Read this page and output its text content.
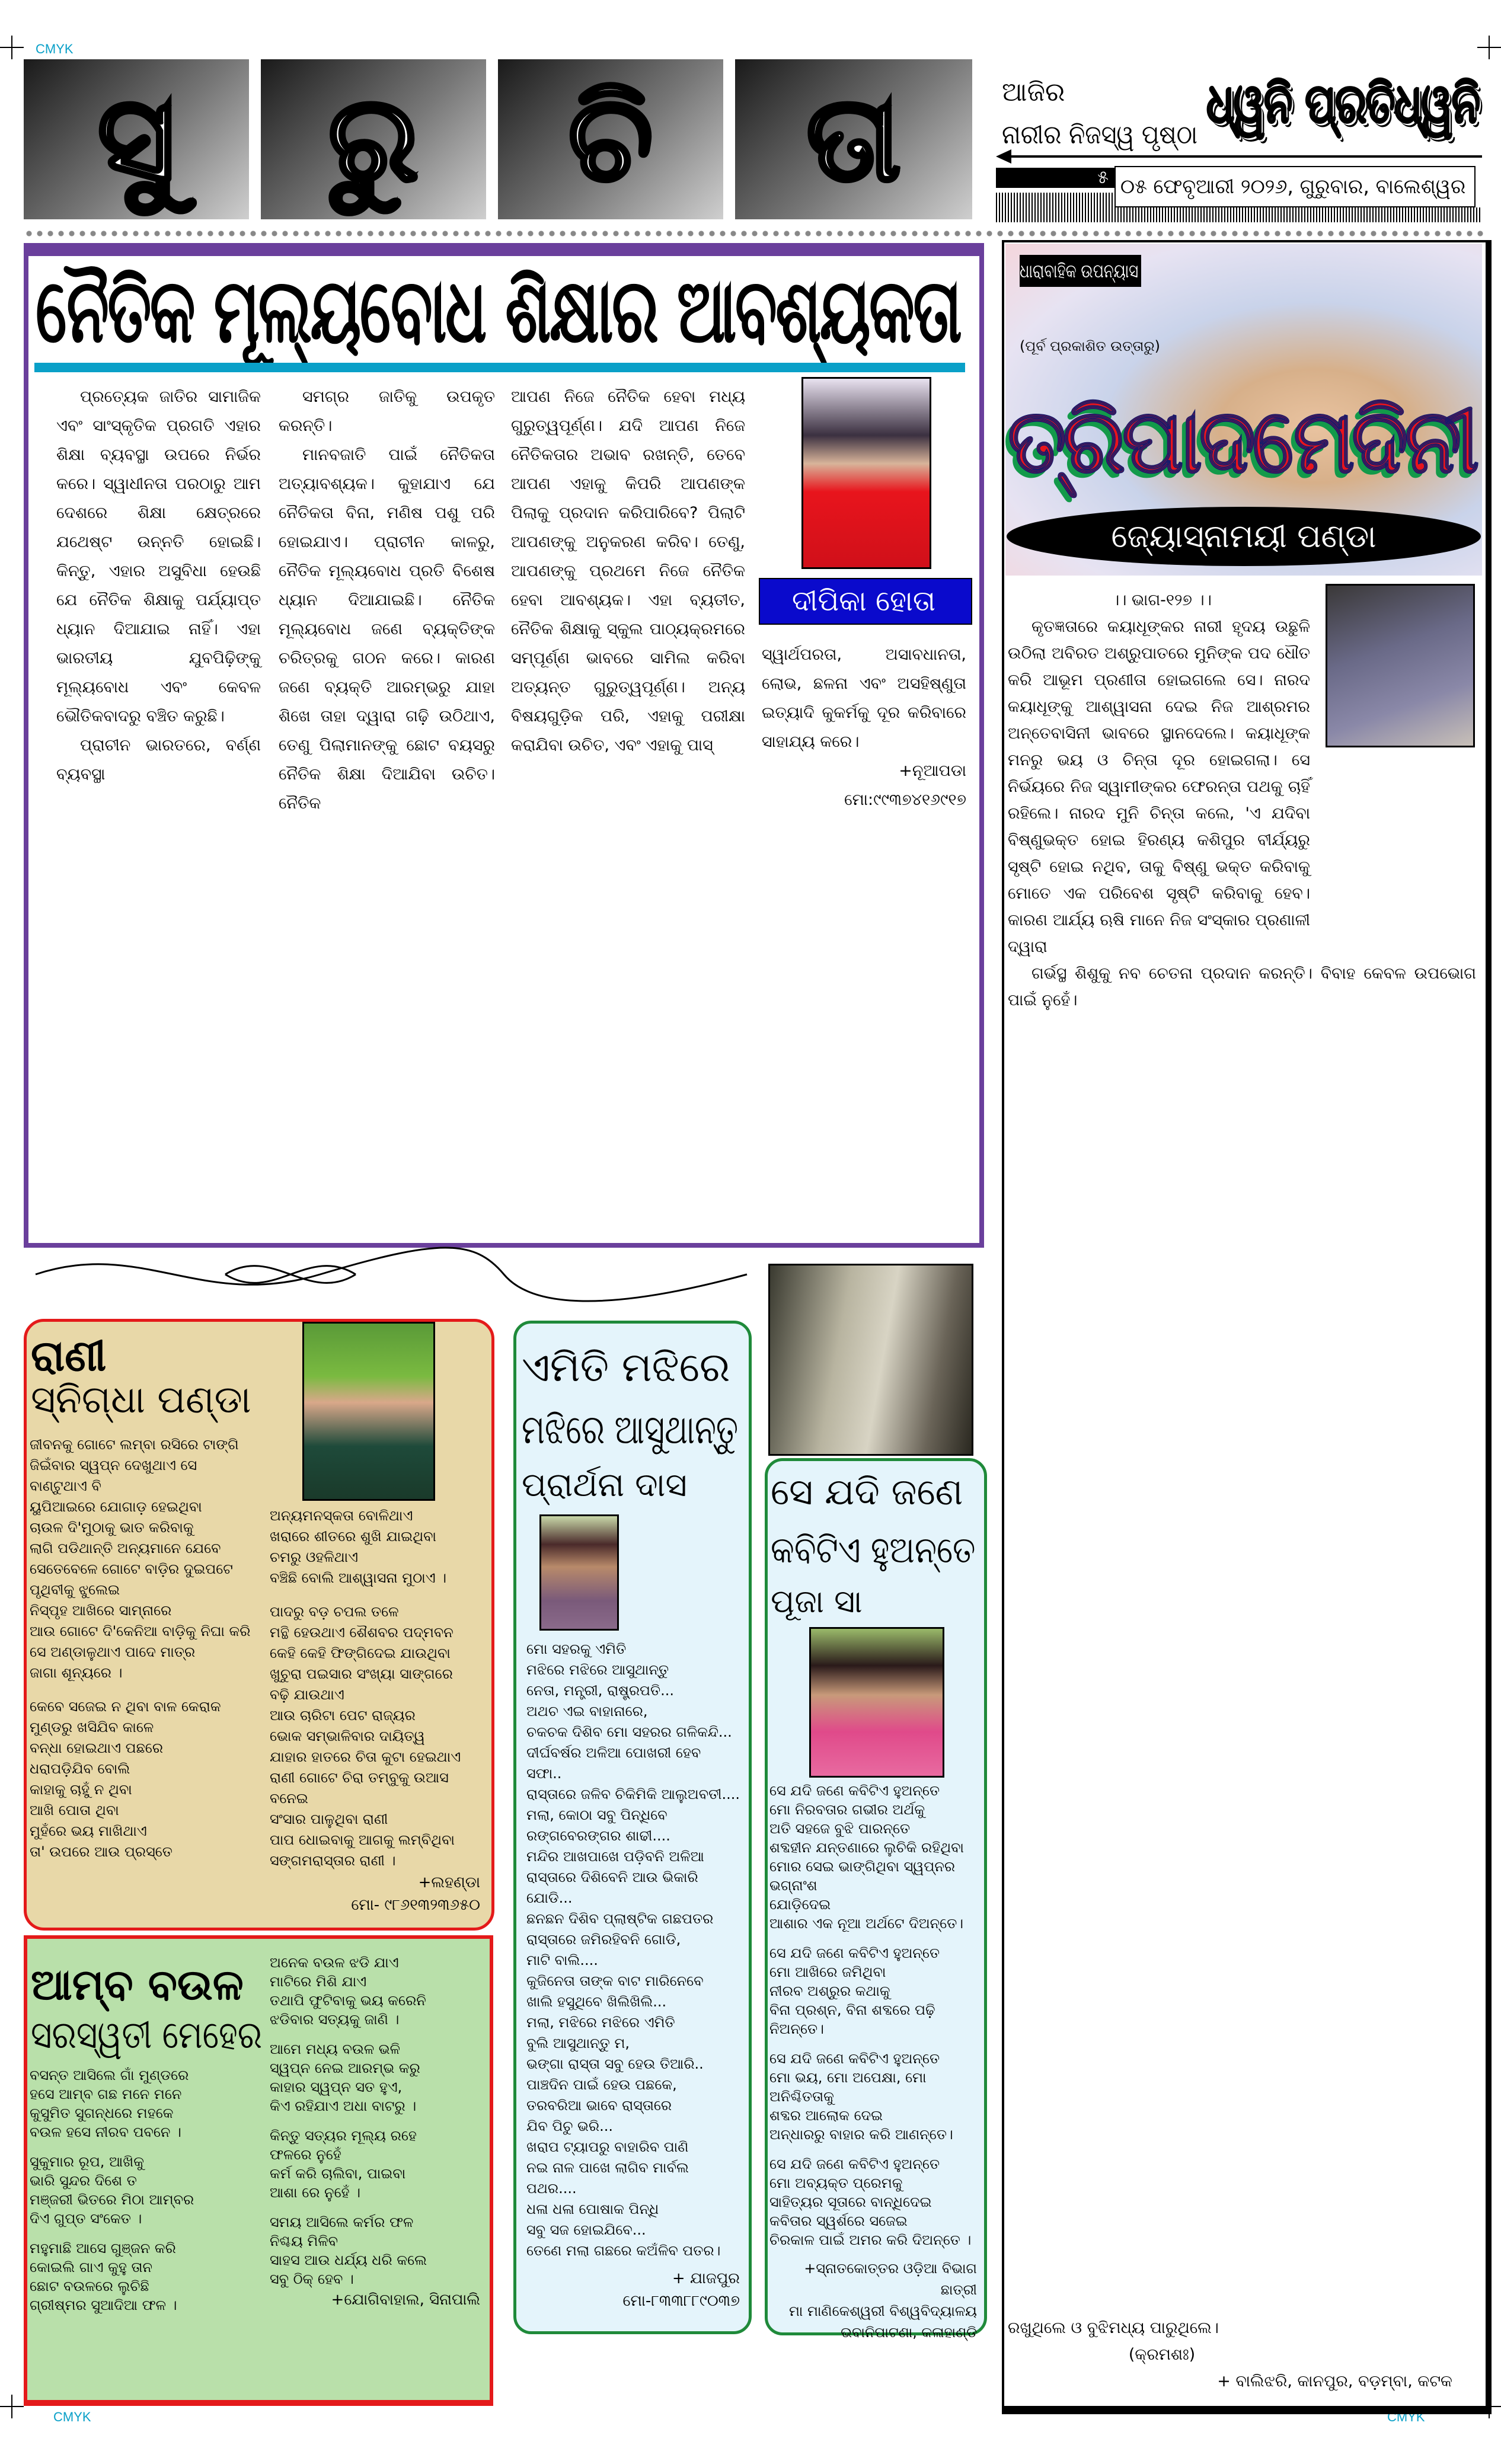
CMYK
CMYK	CMYK
ସୁ	ରୁ	ଚି	ତା	ଆଜିର
ନାରୀର ନିଜସ୍ୱ ପୃଷ୍ଠା ଧ୍ୱନି ପ୍ରତିଧ୍ୱନି
୫ ୦୫ ଫେବୃଆରୀ ୨୦୨୬, ଗୁରୁବାର, ବାଲେଶ୍ୱର
ନୈତିକ ମୂଲ୍ୟବୋଧ ଶିକ୍ଷାର ଆବଶ୍ୟକତା

ପ୍ରତ୍ୟେକ ଜାତିର ସାମାଜିକ ଏବଂ ସାଂସ୍କୃତିକ ପ୍ରଗତି ଏହାର ଶିକ୍ଷା ବ୍ୟବସ୍ଥା ଉପରେ ନିର୍ଭର କରେ। ସ୍ୱାଧୀନତା ପରଠାରୁ ଆମ ଦେଶରେ ଶିକ୍ଷା କ୍ଷେତ୍ରରେ ଯଥେଷ୍ଟ ଉନ୍ନତି ହୋଇଛି। କିନ୍ତୁ, ଏହାର ଅସୁବିଧା ହେଉଛି ଯେ ନୈତିକ ଶିକ୍ଷାକୁ ପର୍ଯ୍ୟାପ୍ତ ଧ୍ୟାନ ଦିଆଯାଇ ନାହିଁ। ଏହା ଭାରତୀୟ ଯୁବପିଢ଼ିଙ୍କୁ ମୂଲ୍ୟବୋଧ ଏବଂ କେବଳ ଭୌତିକବାଦରୁ ବଞ୍ଚିତ କରୁଛି।

ପ୍ରାଚୀନ ଭାରତରେ, ବର୍ଣ୍ଣ ବ୍ୟବସ୍ଥା

ସମଗ୍ର ଜାତିକୁ ଉପକୃତ କରନ୍ତି।

ମାନବଜାତି ପାଇଁ ନୈତିକତା ଅତ୍ୟାବଶ୍ୟକ। କୁହାଯାଏ ଯେ ନୈତିକତା ବିନା, ମଣିଷ ପଶୁ ପରି ହୋଇଯାଏ। ପ୍ରାଚୀନ କାଳରୁ, ନୈତିକ ମୂଲ୍ୟବୋଧ ପ୍ରତି ବିଶେଷ ଧ୍ୟାନ ଦିଆଯାଇଛି। ନୈତିକ ମୂଲ୍ୟବୋଧ ଜଣେ ବ୍ୟକ୍ତିଙ୍କ ଚରିତ୍ରକୁ ଗଠନ କରେ। କାରଣ ଜଣେ ବ୍ୟକ୍ତି ଆରମ୍ଭରୁ ଯାହା ଶିଖେ ତାହା ଦ୍ୱାରା ଗଢ଼ି ଉଠିଥାଏ, ତେଣୁ ପିଲାମାନଙ୍କୁ ଛୋଟ ବୟସରୁ ନୈତିକ ଶିକ୍ଷା ଦିଆଯିବା ଉଚିତ। ନୈତିକ

ଆପଣ ନିଜେ ନୈତିକ ହେବା ମଧ୍ୟ ଗୁରୁତ୍ୱପୂର୍ଣ୍ଣ। ଯଦି ଆପଣ ନିଜେ ନୈତିକତାର ଅଭାବ ରଖନ୍ତି, ତେବେ ଆପଣ ଏହାକୁ କିପରି ଆପଣଙ୍କ ପିଲାକୁ ପ୍ରଦାନ କରିପାରିବେ? ପିଲାଟି ଆପଣଙ୍କୁ ଅନୁକରଣ କରିବ। ତେଣୁ, ଆପଣଙ୍କୁ ପ୍ରଥମେ ନିଜେ ନୈତିକ ହେବା ଆବଶ୍ୟକ। ଏହା ବ୍ୟତୀତ, ନୈତିକ ଶିକ୍ଷାକୁ ସ୍କୁଲ ପାଠ୍ୟକ୍ରମରେ ସମ୍ପୂର୍ଣ୍ଣ ଭାବରେ ସାମିଲ କରିବା ଅତ୍ୟନ୍ତ ଗୁରୁତ୍ୱପୂର୍ଣ୍ଣ। ଅନ୍ୟ ବିଷୟଗୁଡ଼ିକ ପରି, ଏହାକୁ ପରୀକ୍ଷା କରାଯିବା ଉଚିତ, ଏବଂ ଏହାକୁ ପାସ୍

ଦୀପିକା ହୋତା

ସ୍ୱାର୍ଥପରତା, ଅସାବଧାନତା, ଲୋଭ, ଛଳନା ଏବଂ ଅସହିଷ୍ଣୁତା ଇତ୍ୟାଦି କୁକର୍ମକୁ ଦୂର କରିବାରେ ସାହାଯ୍ୟ କରେ।

+ନୂଆପଡା
ମୋ:୯୯୩୭୪୧୬୯୧୭
ଧାରାବାହିକ ଉପନ୍ୟାସ
(ପୂର୍ବ ପ୍ରକାଶିତ ଉତ୍ତାରୁ)
ତ୍ରିପାଦମେଦିନୀ
ଜ୍ୟୋସ୍ନାମୟୀ ପଣ୍ଡା
।। ଭାଗ-୧୨୭ ।।

କୃତଜ୍ଞତାରେ କୟାଧୂଙ୍କର ନାରୀ ହୃଦୟ ଉଛୁଳି ଉଠିଲା ଅବିରତ ଅଶ୍ରୁପାତରେ ମୁନିଙ୍କ ପଦ ଧୌତ କରି ଆଭୂମ ପ୍ରଣୀତା ହୋଇଗଲେ ସେ। ନାରଦ କୟାଧୂଙ୍କୁ ଆଶ୍ୱାସନା ଦେଇ ନିଜ ଆଶ୍ରମର ଅନ୍ତେବାସିନୀ ଭାବରେ ସ୍ଥାନଦେଲେ। କୟାଧୂଙ୍କ ମନରୁ ଭୟ ଓ ଚିନ୍ତା ଦୂର ହୋଇଗଲା। ସେ ନିର୍ଭୟରେ ନିଜ ସ୍ୱାମୀଙ୍କର ଫେରନ୍ତା ପଥକୁ ଚାହିଁ ରହିଲେ। ନାରଦ ମୁନି ଚିନ୍ତା କଲେ, 'ଏ ଯଦିବା ବିଷ୍ଣୁଭକ୍ତ ହୋଇ ହିରଣ୍ୟ କଶିପୁର ବୀର୍ଯ୍ୟରୁ ସୃଷ୍ଟି ହୋଇ ନଥିବ, ତାକୁ ବିଷ୍ଣୁ ଭକ୍ତ କରିବାକୁ ମୋତେ ଏକ ପରିବେଶ ସୃଷ୍ଟି କରିବାକୁ ହେବ। କାରଣ ଆର୍ଯ୍ୟ ଋଷି ମାନେ ନିଜ ସଂସ୍କାର ପ୍ରଣାଳୀ ଦ୍ୱାରା

ଗର୍ଭସ୍ଥ ଶିଶୁକୁ ନବ ଚେତନା ପ୍ରଦାନ କରନ୍ତି। ବିବାହ କେବଳ ଉପଭୋଗ ପାଇଁ ନୁହେଁ।

ରଖୁଥିଲେ ଓ ବୁଝିମଧ୍ୟ ପାରୁଥିଲେ।

(କ୍ରମଶଃ)
+ ବାଲିଝରି, କାନପୁର, ବଡ଼ମ୍ବା, କଟକ
ରାଣୀ
ସ୍ନିଗ୍ଧା ପଣ୍ଡା
ଜୀବନକୁ ଗୋଟେ ଲମ୍ବା ରସିରେ ଟାଙ୍ଗି
ଜିଇଁବାର ସ୍ୱପ୍ନ ଦେଖୁଥାଏ ସେ
ବାଣ୍ଟୁଥାଏ ବି
ୟୁପିଆଇରେ ଯୋଗାଡ଼ ହେଇଥିବା
ଚାଉଳ ଦି'ମୁଠାକୁ ଭାତ କରିବାକୁ
ଲାଗି ପଡିଥାନ୍ତି ଅନ୍ୟମାନେ ଯେବେ
ସେତେବେଳେ ଗୋଟେ ବାଡ଼ିର ଦୁଇପଟେ
ପୃଥିବୀକୁ ଝୁଲେଇ
ନିସ୍ପୃହ ଆଖିରେ ସାମ୍ନାରେ
ଆଉ ଗୋଟେ ଦି'କେନିଆ ବାଡ଼ିକୁ ନିଘା କରି
ସେ ଅଣ୍ଡାଳୁଥାଏ ପାଦେ ମାତ୍ର
ଜାଗା ଶୂନ୍ୟରେ ।

କେବେ ସଜେଇ ନ ଥିବା ବାଳ କେରାକ
ମୁଣ୍ଡରୁ ଖସିଯିବ କାଳେ
ବନ୍ଧା ହୋଇଥାଏ ପଛରେ
ଧରାପଡ଼ିଯିବ ବୋଲି
କାହାକୁ ଚାହୁଁ ନ ଥିବା
ଆଖି ପୋତା ଥିବା
ମୁହଁରେ ଭୟ ମାଖିଥାଏ
ତା' ଉପରେ ଆଉ ପ୍ରସ୍ତେ
ଅନ୍ୟମନସ୍କତା ବୋଳିଥାଏ
ଖରାରେ ଶୀତରେ ଶୁଖି ଯାଇଥିବା
ଚମରୁ ଓହଳିଥାଏ
ବଞ୍ଚିଛି ବୋଲି ଆଶ୍ୱାସନା ମୁଠାଏ ।

ପାଦରୁ ବଡ଼ ଚପଲ ତଳେ
ମନ୍ଥି ହେଉଥାଏ ଶୈଶବର ପଦ୍ମବନ
କେହି କେହି ଫିଙ୍ଗିଦେଇ ଯାଉଥିବା
ଖୁଚୁରା ପଇସାର ସଂଖ୍ୟା ସାଙ୍ଗରେ
ବଢ଼ି ଯାଉଥାଏ
ଆଉ ଚାରିଟା ପେଟ ରାଜ୍ୟର
ଭୋକ ସମ୍ଭାଳିବାର ଦାୟିତ୍ୱ
ଯାହାର ହାତରେ ଚିତା କୁଟା ହେଇଥାଏ
ରାଣୀ ଗୋଟେ ଚିରା ତମ୍ବୁକୁ ଉଆସ ବନେଇ
ସଂସାର ପାଳୁଥିବା ରାଣୀ
ପାପ ଧୋଇବାକୁ ଆଗକୁ ଲମ୍ବିଥିବା
ସଙ୍ଗମରାସ୍ତାର ରାଣୀ ।
+ଲହଣ୍ଡା
ମୋ- ୯୮୬୧୩୨୩୬୫୦
ଏମିତି ମଝିରେ
ମଝିରେ ଆସୁଥାନ୍ତୁ
ପ୍ରାର୍ଥନା ଦାସ
ମୋ ସହରକୁ ଏମିତି
ମଝିରେ ମଝିରେ ଆସୁଥାନ୍ତୁ
ନେତା, ମନ୍ତ୍ରୀ, ରାଷ୍ଟ୍ରପତି...
ଅଥଚ ଏଇ ବାହାନାରେ,
ଚକଚକ ଦିଶିବ ମୋ ସହରର ଗଳିକନ୍ଦି...
ଦୀର୍ଘବର୍ଷର ଅଳିଆ ପୋଖରୀ ହେବ ସଫା..
ରାସ୍ତାରେ ଜଳିବ ଚିକିମିକି ଆଲୁଅବତୀ....
ମଲା, କୋଠା ସବୁ ପିନ୍ଧିବେ
ରଙ୍ଗବେରଙ୍ଗର ଶାଢୀ....
ମନ୍ଦିର ଆଖପାଖେ ପଡ଼ିବନି ଅଳିଆ
ରାସ୍ତାରେ ଦିଶିବେନି ଆଉ ଭିକାରି ଯୋଡି...
ଛନଛନ ଦିଶିବ ପ୍ଲାଷ୍ଟିକ ଗଛପତର
ରାସ୍ତାରେ ଜମିରହିବନି ଗୋଡି,
ମାଟି ବାଲି....
କୁଜିନେତା ତାଙ୍କ ବାଟ ମାରିନେବେ
ଖାଲି ହସୁଥିବେ ଖିଲିଖିଲି...
ମଲା, ମଝିରେ ମଝିରେ ଏମିତି
ବୁଲି ଆସୁଥାନ୍ତୁ ମ,
ଭଙ୍ଗା ରାସ୍ତା ସବୁ ହେଉ ତିଆରି..
ପାଞ୍ଚଦିନ ପାଇଁ ହେଉ ପଛକେ,
ତରବରିଆ ଭାବେ ରାସ୍ତାରେ
ଯିବ ପିଚୁ ଭରି...
ଖରାପ ଟ୍ୟାପରୁ ବାହାରିବ ପାଣି
ନଇ ନାଳ ପାଖେ ଲାଗିବ ମାର୍ବଲ ପଥର....
ଧଳା ଧଳା ପୋଷାକ ପିନ୍ଧି
ସବୁ ସଜ ହୋଇଯିବେ...
ତେଣେ ମଲା ଗଛରେ କଅଁଳିବ ପତର।
+ ଯାଜପୁର
ମୋ-୮୩୩୮୮୯୦୩୭
ସେ ଯଦି ଜଣେ
କବିଟିଏ ହୁଅନ୍ତେ
ପୂଜା ସା
ସେ ଯଦି ଜଣେ କବିଟିଏ ହୁଅନ୍ତେ
ମୋ ନିରବତାର ଗଭୀର ଅର୍ଥକୁ
ଅତି ସହଜେ ବୁଝି ପାରନ୍ତେ
ଶବ୍ଦହୀନ ଯନ୍ତଣାରେ ଲୁଚିକି ରହିଥିବା
ମୋର ସେଇ ଭାଙ୍ଗିଥିବା ସ୍ୱପ୍ନର ଭଗ୍ନାଂଶ
ଯୋଡ଼ିଦେଇ
ଆଶାର ଏକ ନୂଆ ଅର୍ଥଟେ ଦିଅନ୍ତେ।

ସେ ଯଦି ଜଣେ କବିଟିଏ ହୁଅନ୍ତେ
ମୋ ଆଖିରେ ଜମିଥିବା
ନୀରବ ଅଶ୍ରୁର କଥାକୁ
ବିନା ପ୍ରଶ୍ନ, ବିନା ଶବ୍ଦରେ ପଢ଼ି ନିଅନ୍ତେ।

ସେ ଯଦି ଜଣେ କବିଟିଏ ହୁଅନ୍ତେ
ମୋ ଭୟ, ମୋ ଅପେକ୍ଷା, ମୋ ଅନିଶ୍ଚିତତାକୁ
ଶବ୍ଦର ଆଲୋକ ଦେଇ
ଅନ୍ଧାରରୁ ବାହାର କରି ଆଣନ୍ତେ।

ସେ ଯଦି ଜଣେ କବିଟିଏ ହୁଅନ୍ତେ
ମୋ ଅବ୍ୟକ୍ତ ପ୍ରେମକୁ
ସାହିତ୍ୟର ସୂତାରେ ବାନ୍ଧିଦେଇ
କବିତାର ସ୍ୱର୍ଶରେ ସଜେଇ
ଚିରକାଳ ପାଇଁ ଅମର କରି ଦିଅନ୍ତେ ।
+ସ୍ନାତକୋତ୍ତର ଓଡ଼ିଆ ବିଭାଗ ଛାତ୍ରୀ
ମା ମାଣିକେଶ୍ୱରୀ ବିଶ୍ୱବିଦ୍ୟାଳୟ
ଭବାନିପାଟଣା, କଳାହାଣ୍ଡି
ଆମ୍ବ ବଉଳ
ସରସ୍ୱତୀ ମେହେର
ବସନ୍ତ ଆସିଲେ ଗାଁ ମୁଣ୍ଡରେ
ହସେ ଆମ୍ବ ଗଛ ମନେ ମନେ
କୁସୁମିତ ସୁଗନ୍ଧରେ ମହକେ
ବଉଳ ହସେ ନୀରବ ପବନେ ।

ସୁକୁମାର ରୂପ, ଆଖିକୁ
ଭାରି ସୁନ୍ଦର ଦିଶେ ତ
ମଞ୍ଜରୀ ଭିତରେ ମିଠା ଆମ୍ବର
ଦିଏ ଗୁପ୍ତ ସଂକେତ ।

ମହୁମାଛି ଆସେ ଗୁଞ୍ଜନ କରି
କୋଇଲି ଗାଏ କୁହୁ ତାନ
ଛୋଟ ବଉଳରେ ଲୁଚିଛି
ଗ୍ରୀଷ୍ମର ସୁଆଦିଆ ଫଳ ।
ଅନେକ ବଉଳ ଝଡି ଯାଏ
ମାଟିରେ ମିଶି ଯାଏ
ତଥାପି ଫୁଟିବାକୁ ଭୟ କରେନି
ଝଡିବାର ସତ୍ୟକୁ ଜାଣି ।

ଆମେ ମଧ୍ୟ ବଉଳ ଭଳି
ସ୍ୱପ୍ନ ନେଇ ଆରମ୍ଭ କରୁ
କାହାର ସ୍ୱପ୍ନ ସତ ହୁଏ,
କିଏ ରହିଯାଏ ଅଧା ବାଟରୁ ।

କିନ୍ତୁ ସତ୍ୟର ମୂଲ୍ୟ ରହେ
ଫଳରେ ନୁହେଁ
କର୍ମ କରି ଚାଲିବା, ପାଇବା
ଆଶା ରେ ନୁହେଁ ।

ସମୟ ଆସିଲେ କର୍ମର ଫଳ
ନିଶ୍ଚୟ ମିଳିବ
ସାହସ ଆଉ ଧର୍ଯ୍ୟ ଧରି କଲେ
ସବୁ ଠିକ୍ ହେବ ।
+ଯୋଗିବାହାଲ, ସିନାପାଲି
